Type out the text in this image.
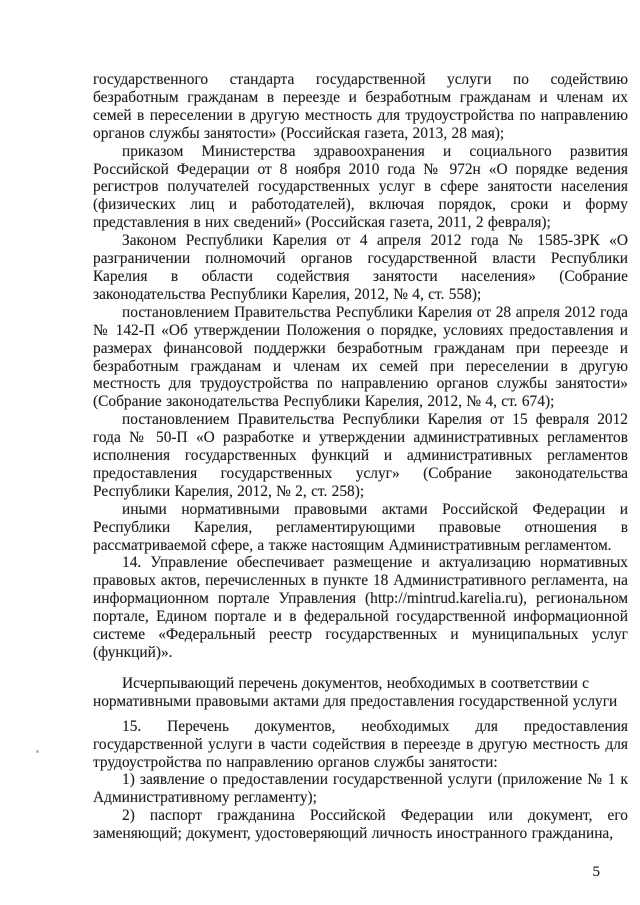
государственного стандарта государственной услуги по содействию безработным гражданам в переезде и безработным гражданам и членам их семей в переселении в другую местность для трудоустройства по направлению органов службы занятости» (Российская газета, 2013, 28 мая);

приказом Министерства здравоохранения и социального развития Российской Федерации от 8 ноября 2010 года № 972н «О порядке ведения регистров получателей государственных услуг в сфере занятости населения (физических лиц и работодателей), включая порядок, сроки и форму представления в них сведений» (Российская газета, 2011, 2 февраля);

Законом Республики Карелия от 4 апреля 2012 года № 1585-ЗРК «О разграничении полномочий органов государственной власти Республики Карелия в области содействия занятости населения» (Собрание законодательства Республики Карелия, 2012, № 4, ст. 558);

постановлением Правительства Республики Карелия от 28 апреля 2012 года № 142-П «Об утверждении Положения о порядке, условиях предоставления и размерах финансовой поддержки безработным гражданам при переезде и безработным гражданам и членам их семей при переселении в другую местность для трудоустройства по направлению органов службы занятости» (Собрание законодательства Республики Карелия, 2012, № 4, ст. 674);

постановлением Правительства Республики Карелия от 15 февраля 2012 года № 50-П «О разработке и утверждении административных регламентов исполнения государственных функций и административных регламентов предоставления государственных услуг» (Собрание законодательства Республики Карелия, 2012, № 2, ст. 258);

иными нормативными правовыми актами Российской Федерации и Республики Карелия, регламентирующими правовые отношения в рассматриваемой сфере, а также настоящим Административным регламентом.

14. Управление обеспечивает размещение и актуализацию нормативных правовых актов, перечисленных в пункте 18 Административного регламента, на информационном портале Управления (http://mintrud.karelia.ru), региональном портале, Едином портале и в федеральной государственной информационной системе «Федеральный реестр государственных и муниципальных услуг (функций)».

Исчерпывающий перечень документов, необходимых в соответствии с нормативными правовыми актами для предоставления государственной услуги

15. Перечень документов, необходимых для предоставления государственной услуги в части содействия в переезде в другую местность для трудоустройства по направлению органов службы занятости:

1) заявление о предоставлении государственной услуги (приложение № 1 к Административному регламенту);

2) паспорт гражданина Российской Федерации или документ, его заменяющий; документ, удостоверяющий личность иностранного гражданина,

5
